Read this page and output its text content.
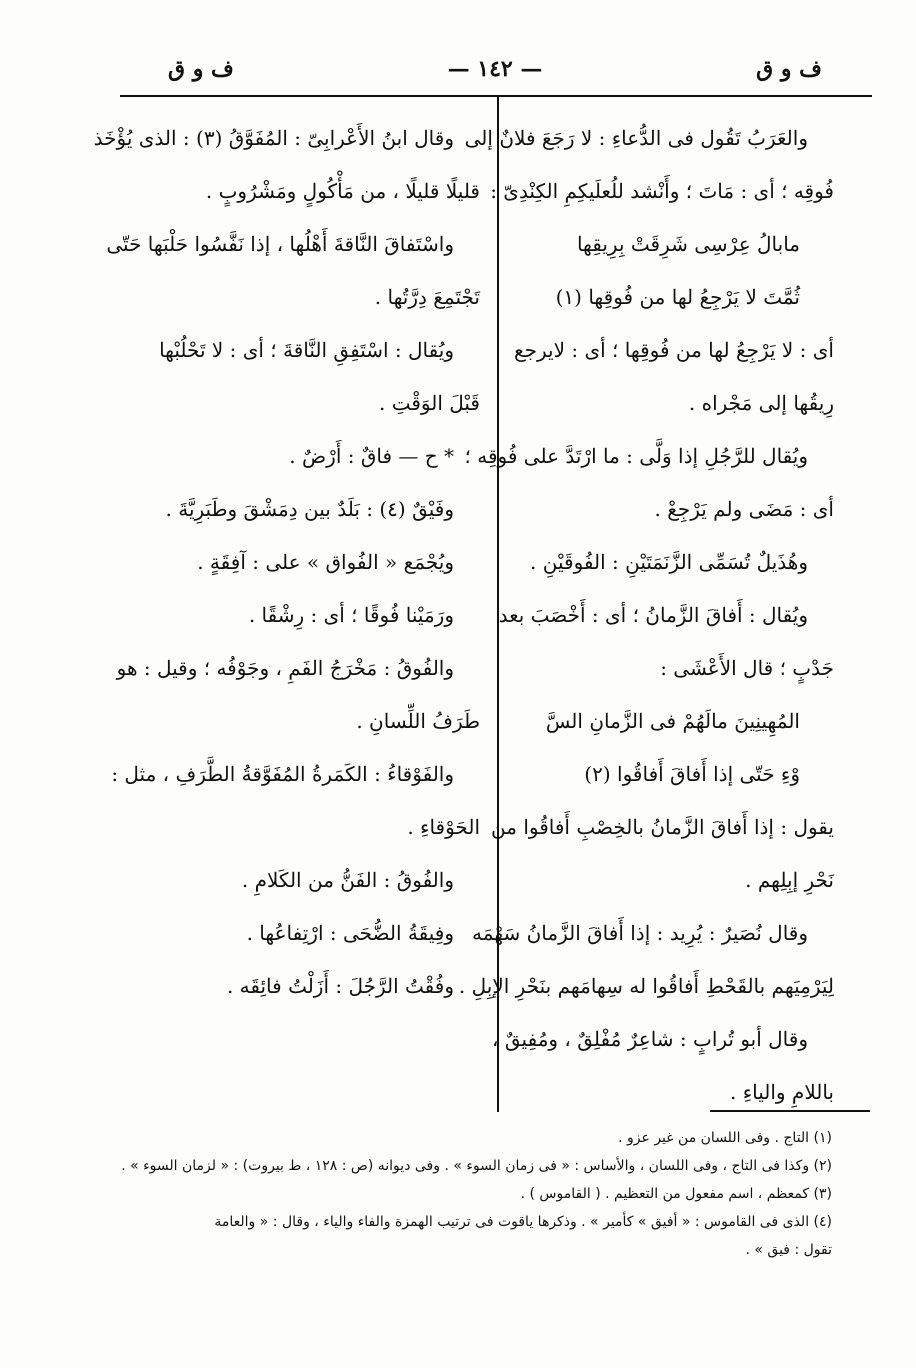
ف و ق
— ١٤٢ —
ف و ق
والعَرَبُ تَقُول فى الدُّعاءِ : لا رَجَعَ فلانٌ إلى
فُوقِه ؛ أى : مَاتَ ؛ وأَنْشد للُعلَيكِمِ الكِنْدِىّ :
مابالُ عِرْسِى شَرِقَتْ بِرِيقِها
ثُمَّتَ لا يَرْجِعُ لها من فُوقِها (١)
أى : لا يَرْجِعُ لها من فُوقِها ؛ أى : لايرجع
رِيقُها إلى مَجْراه .
ويُقال للرَّجُلِ إذا وَلَّى : ما ارْتَدَّ على فُوقِه ؛
أى : مَضَى ولم يَرْجِعْ .
وهُذَيلٌ تُسَمِّى الزَّنَمَتَيْنِ : الفُوقَيْنِ .
ويُقال : أَفاقَ الزَّمانُ ؛ أى : أَخْصَبَ بعد
جَدْبٍ ؛ قال الأَعْشَى :
المُهِينِينَ مالَهُمْ فى الزَّمانِ السَّ
وْءِ حَتّى إذا أَفاقَ أَفاقُوا (٢)
يقول : إذا أَفاقَ الزَّمانُ بالخِصْبِ أَفاقُوا من
نَحْرِ إبِلِهم .
وقال نُصَيرٌ : يُرِيد : إذا أَفاقَ الزَّمانُ سَهْمَه
لِيَرْمِيَهم بالقَحْطِ أَفاقُوا له سِهامَهم بنَحْرِ الإبِلِ .
وقال أبو تُرابٍ : شاعِرٌ مُفْلِقٌ ، ومُفِيقٌ ،
باللامِ والياءِ .
وقال ابنُ الأَعْرابِىّ : المُفَوَّقُ (٣) : الذى يُؤْخَذ
قليلًا قليلًا ، من مَأْكُولٍ ومَشْرُوبٍ .
واسْتَفاقَ النَّاقةَ أَهْلُها ، إذا نَفَّسُوا حَلْبَها حَتّى
تَجْتَمِعَ دِرَّتُها .
ويُقال : اسْتَفِقِ النَّاقةَ ؛ أى : لا تَحْلُبْها
قَبْلَ الوَقْتِ .
* ح — فاقٌ : أَرْضٌ .
وفَيْقٌ (٤) : بَلَدٌ بين دِمَشْقَ وطَبَرِيَّةَ .
ويُجْمَع « الفُواق » على : آفِقَةٍ .
ورَمَيْنا فُوقًا ؛ أى : رِشْقًا .
والفُوقُ : مَخْرَجُ الفَمِ ، وجَوْفُه ؛ وقيل : هو
طَرَفُ اللِّسانِ .
والفَوْقاءُ : الكَمَرةُ المُفَوَّقةُ الطَّرَفِ ، مثل :
الحَوْقاءِ .
والفُوقُ : الفَنُّ من الكَلامِ .
وفِيقَةُ الضُّحَى : ارْتِفاعُها .
وفُقْتُ الرَّجُلَ : أَزَلْتُ فائِقَه .
(١) التاج . وفى اللسان من غير عزو .
(٢) وكذا فى التاج ، وفى اللسان ، والأساس : « فى زمان السوء » . وفى ديوانه (ص : ١٢٨ ، ط بيروت) : « لزمان السوء » .
(٣) كمعظم ، اسم مفعول من التعظيم . ( القاموس ) .
(٤) الذى فى القاموس : « أفيق » كأمير » . وذكرها ياقوت فى ترتيب الهمزة والفاء والياء ، وقال : « والعامة
تقول : فيق » .
